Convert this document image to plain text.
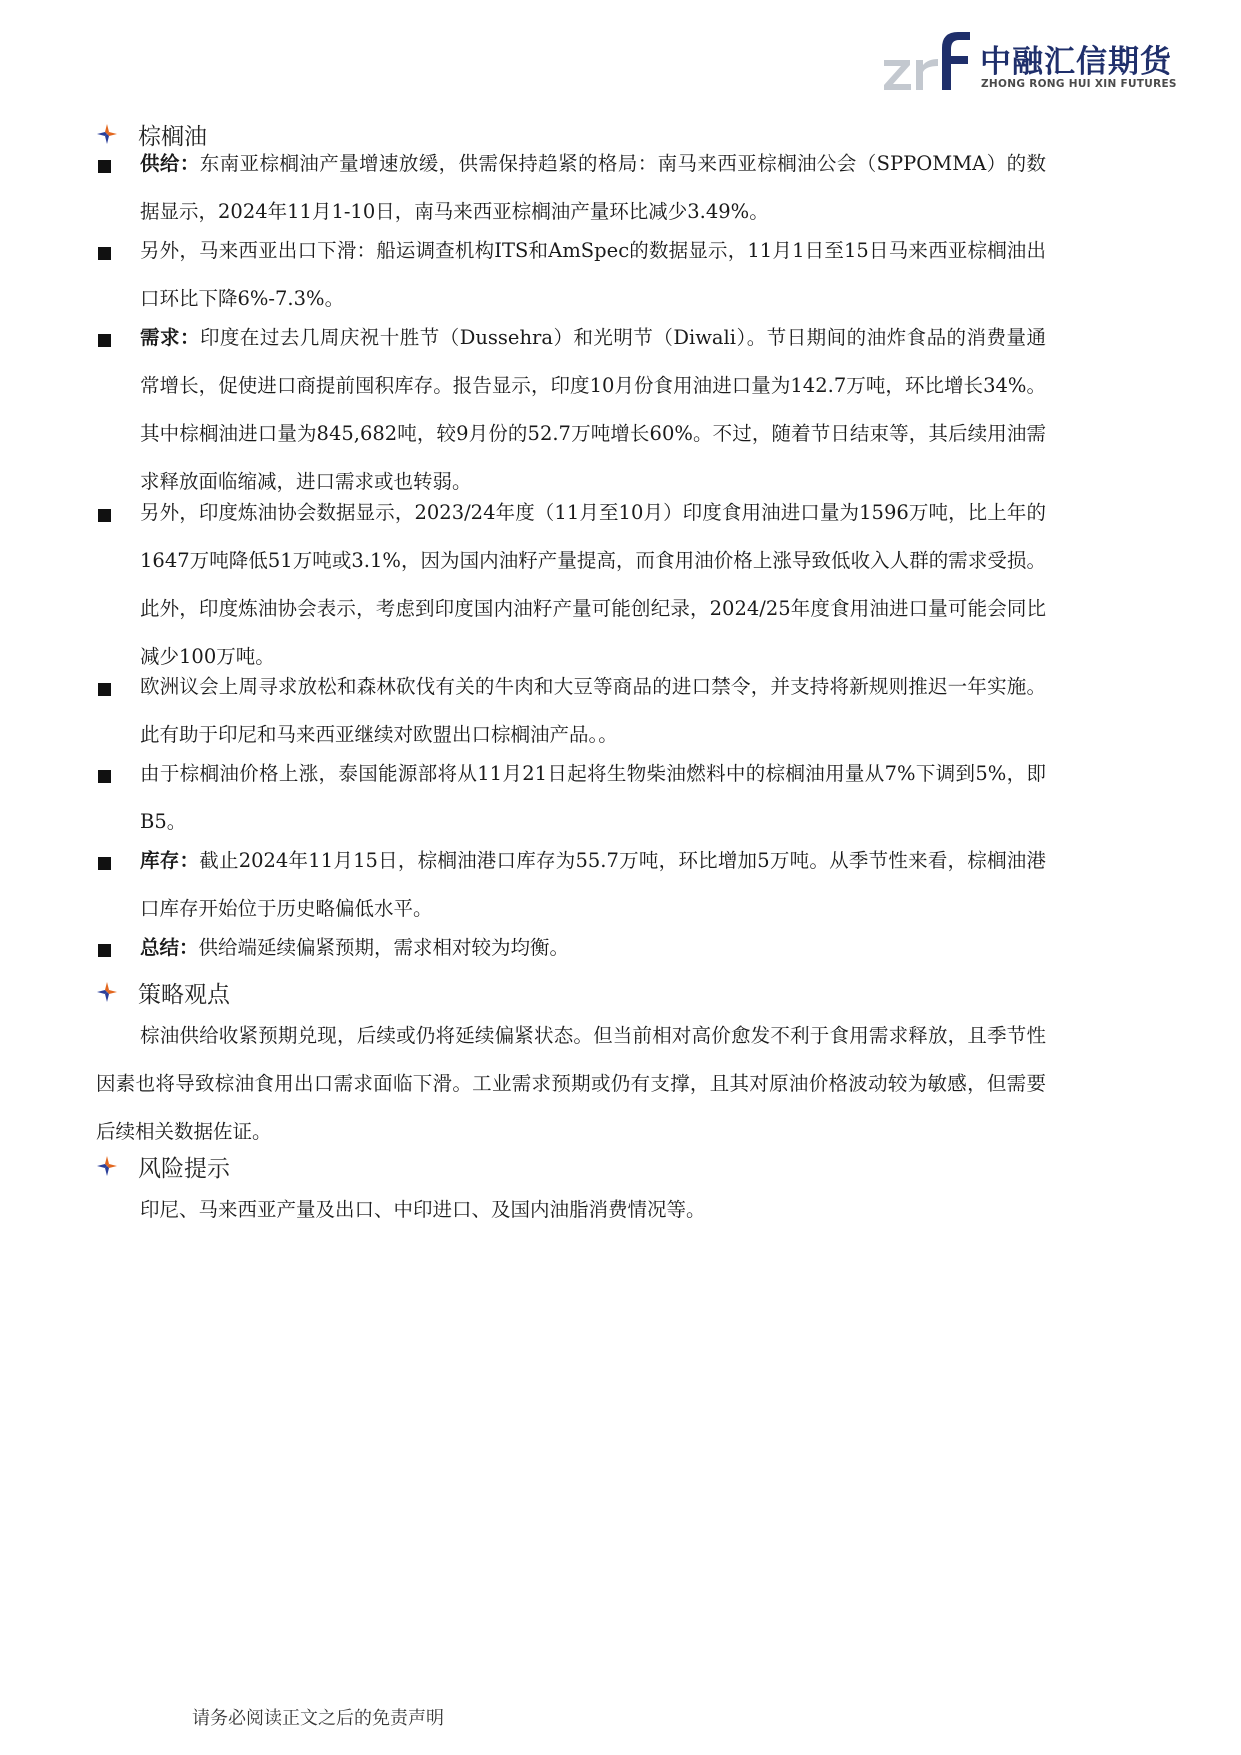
中融汇信期货
ZHONG RONG HUI XIN FUTURES
棕榈油
供给：东南亚棕榈油产量增速放缓，供需保持趋紧的格局：南马来西亚棕榈油公会（SPPOMMA）的数据显示，2024年11月1-10日，南马来西亚棕榈油产量环比减少3.49%。
另外，马来西亚出口下滑：船运调查机构ITS和AmSpec的数据显示，11月1日至15日马来西亚棕榈油出口环比下降6%-7.3%。
需求：印度在过去几周庆祝十胜节（Dussehra）和光明节（Diwali）。节日期间的油炸食品的消费量通常增长，促使进口商提前囤积库存。报告显示，印度10月份食用油进口量为142.7万吨，环比增长34%。其中棕榈油进口量为845,682吨，较9月份的52.7万吨增长60%。不过，随着节日结束等，其后续用油需求释放面临缩减，进口需求或也转弱。
另外，印度炼油协会数据显示，2023/24年度（11月至10月）印度食用油进口量为1596万吨，比上年的1647万吨降低51万吨或3.1%，因为国内油籽产量提高，而食用油价格上涨导致低收入人群的需求受损。此外，印度炼油协会表示，考虑到印度国内油籽产量可能创纪录，2024/25年度食用油进口量可能会同比减少100万吨。
欧洲议会上周寻求放松和森林砍伐有关的牛肉和大豆等商品的进口禁令，并支持将新规则推迟一年实施。此有助于印尼和马来西亚继续对欧盟出口棕榈油产品。。
由于棕榈油价格上涨，泰国能源部将从11月21日起将生物柴油燃料中的棕榈油用量从7%下调到5%，即B5。
库存：截止2024年11月15日，棕榈油港口库存为55.7万吨，环比增加5万吨。从季节性来看，棕榈油港口库存开始位于历史略偏低水平。
总结：供给端延续偏紧预期，需求相对较为均衡。
策略观点
棕油供给收紧预期兑现，后续或仍将延续偏紧状态。但当前相对高价愈发不利于食用需求释放，且季节性因素也将导致棕油食用出口需求面临下滑。工业需求预期或仍有支撑，且其对原油价格波动较为敏感，但需要后续相关数据佐证。
风险提示
印尼、马来西亚产量及出口、中印进口、及国内油脂消费情况等。
请务必阅读正文之后的免责声明
